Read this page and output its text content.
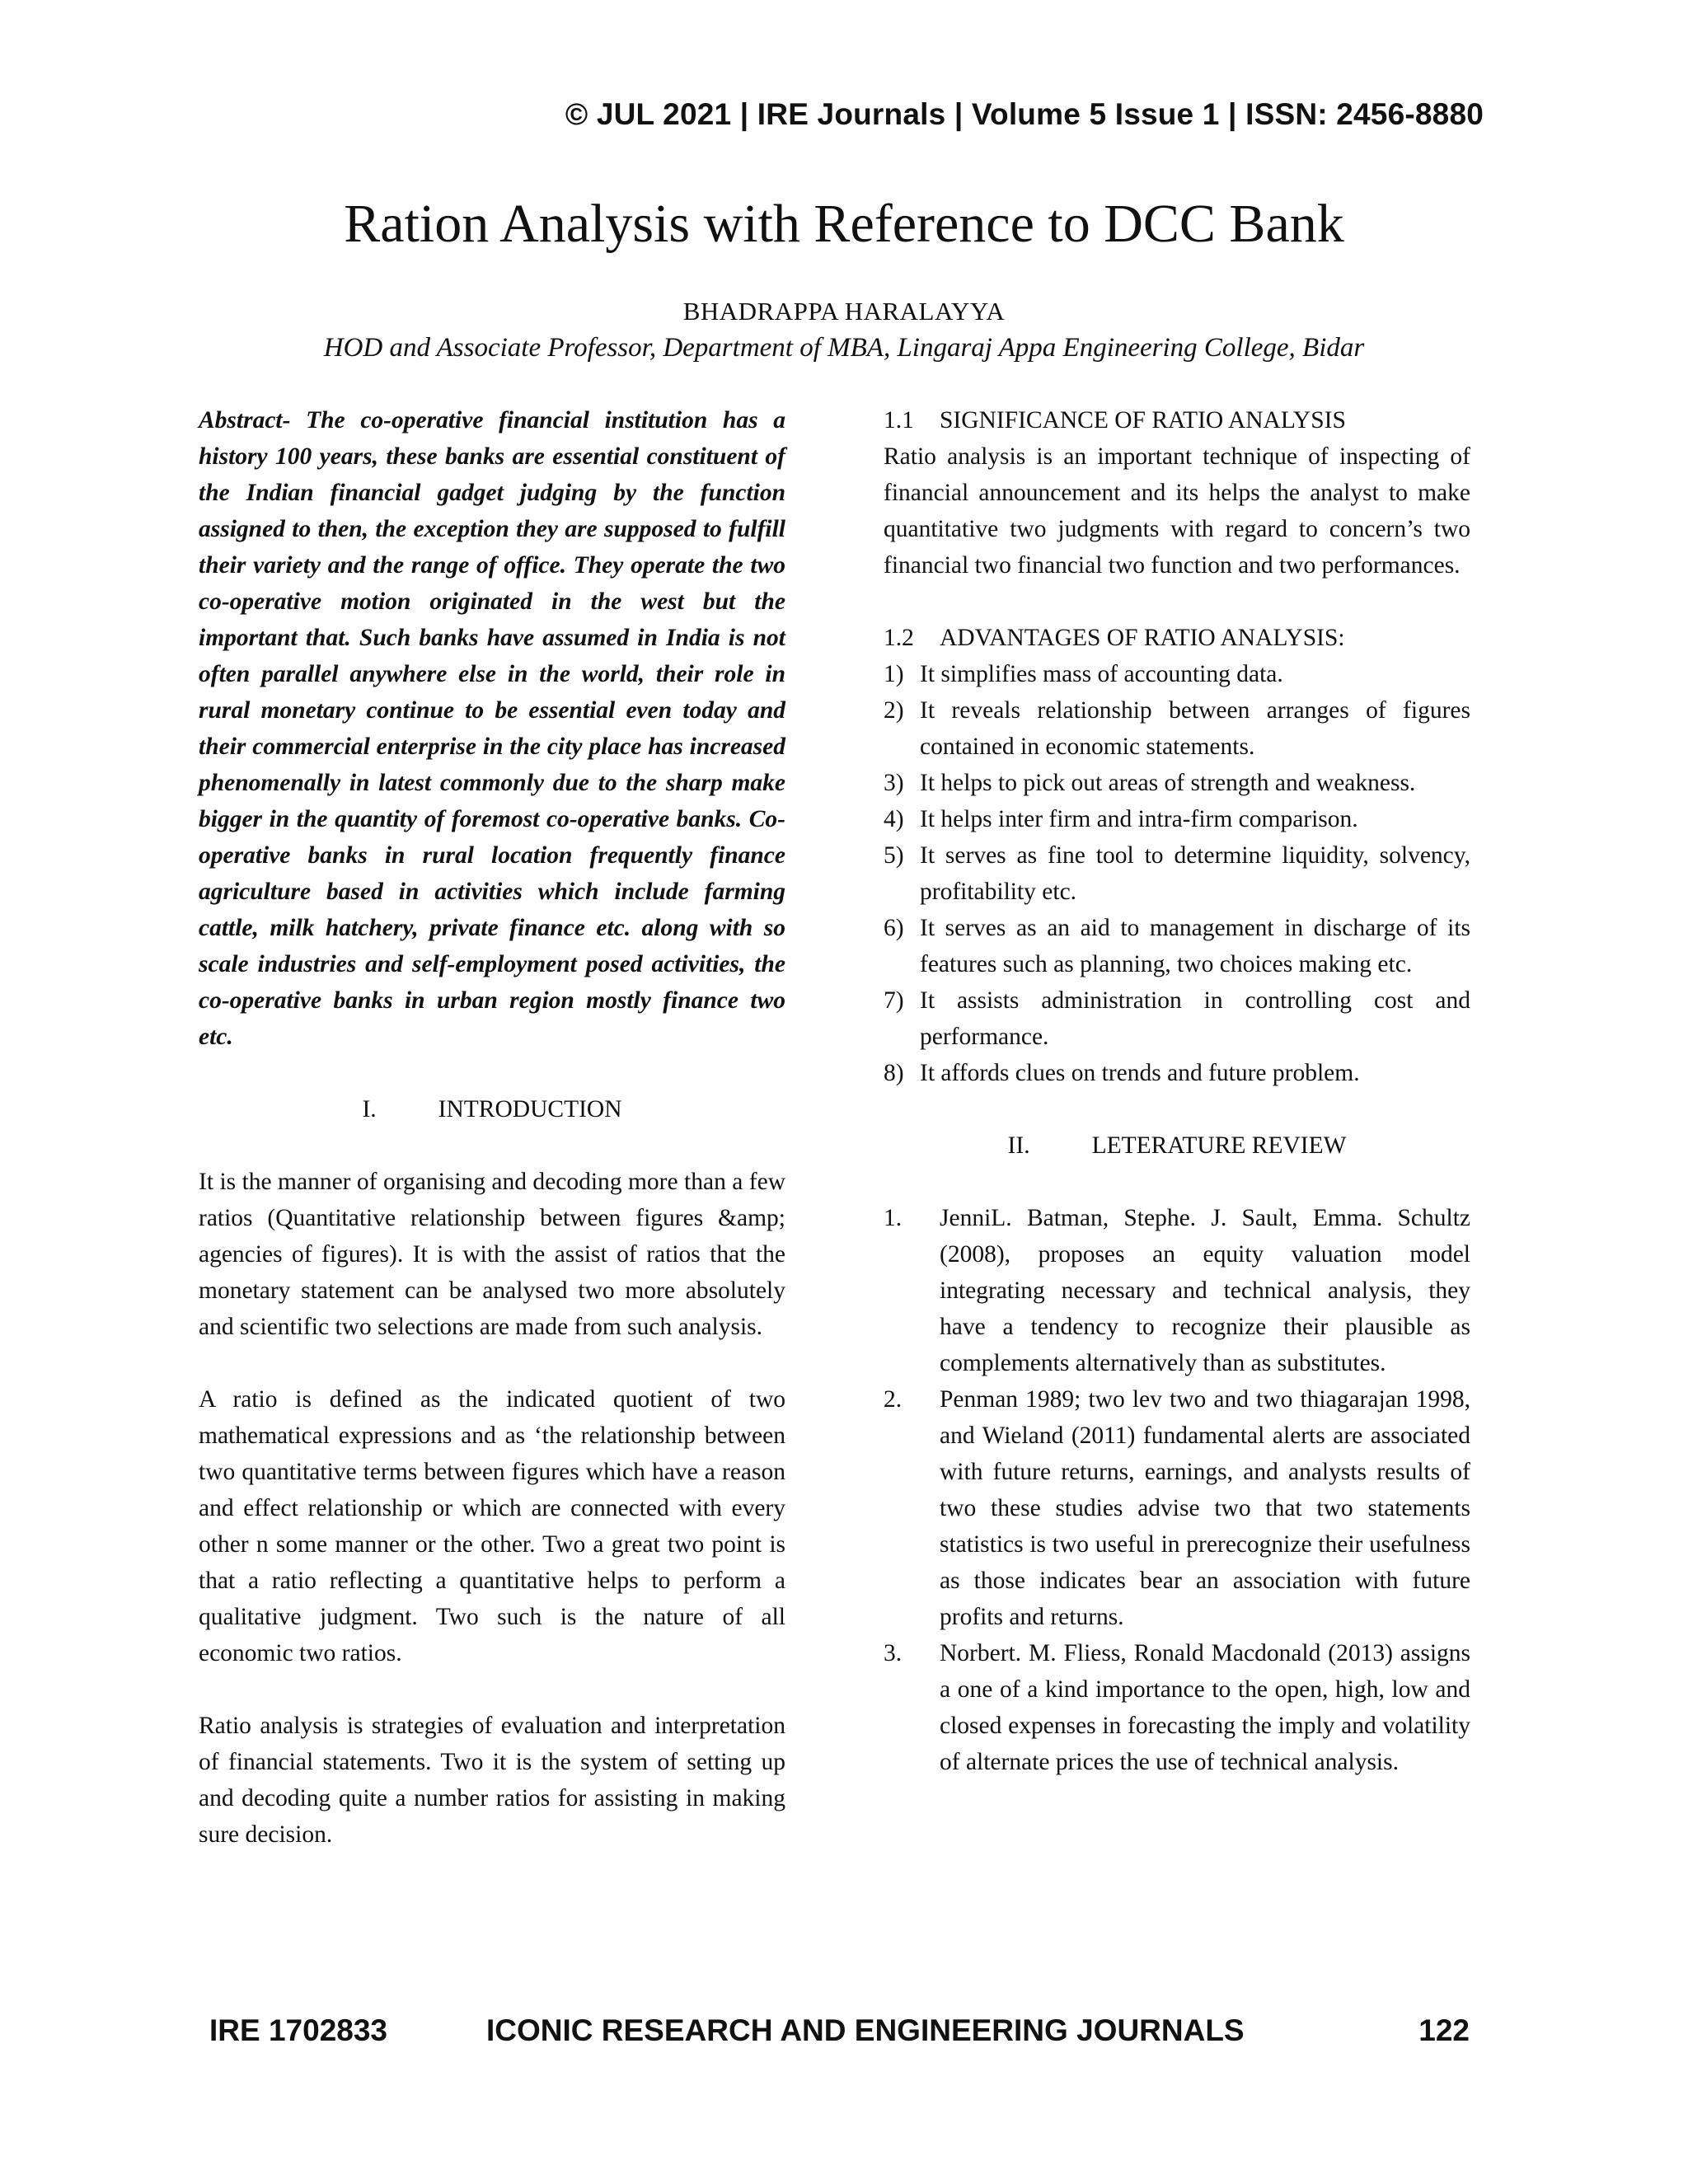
© JUL 2021 | IRE Journals | Volume 5 Issue 1 | ISSN: 2456-8880
Ration Analysis with Reference to DCC Bank
BHADRAPPA HARALAYYA
HOD and Associate Professor, Department of MBA, Lingaraj Appa Engineering College, Bidar

Abstract- The co-operative financial institution has a history 100 years, these banks are essential constituent of the Indian financial gadget judging by the function assigned to then, the exception they are supposed to fulfill their variety and the range of office. They operate the two co-operative motion originated in the west but the important that. Such banks have assumed in India is not often parallel anywhere else in the world, their role in rural monetary continue to be essential even today and their commercial enterprise in the city place has increased phenomenally in latest commonly due to the sharp make bigger in the quantity of foremost co-operative banks. Co-operative banks in rural location frequently finance agriculture based in activities which include farming cattle, milk hatchery, private finance etc. along with so scale industries and self-employment posed activities, the co-operative banks in urban region mostly finance two etc.

I.	INTRODUCTION

It is the manner of organising and decoding more than a few ratios (Quantitative relationship between figures &amp; agencies of figures). It is with the assist of ratios that the monetary statement can be analysed two more absolutely and scientific two selections are made from such analysis.

A ratio is defined as the indicated quotient of two mathematical expressions and as ‘the relationship between two quantitative terms between figures which have a reason and effect relationship or which are connected with every other n some manner or the other. Two a great two point is that a ratio reflecting a quantitative helps to perform a qualitative judgment. Two such is the nature of all economic two ratios.

Ratio analysis is strategies of evaluation and interpretation of financial statements. Two it is the system of setting up and decoding quite a number ratios for assisting in making sure decision.

1.1 SIGNIFICANCE OF RATIO ANALYSIS

Ratio analysis is an important technique of inspecting of financial announcement and its helps the analyst to make quantitative two judgments with regard to concern’s two financial two financial two function and two performances.

1.2 ADVANTAGES OF RATIO ANALYSIS:
1) It simplifies mass of accounting data.
2) It reveals relationship between arranges of figures contained in economic statements.
3) It helps to pick out areas of strength and weakness.
4) It helps inter firm and intra-firm comparison.
5) It serves as fine tool to determine liquidity, solvency, profitability etc.
6) It serves as an aid to management in discharge of its features such as planning, two choices making etc.
7) It assists administration in controlling cost and performance.
8) It affords clues on trends and future problem.
II.	LETERATURE REVIEW
1. JenniL. Batman, Stephe. J. Sault, Emma. Schultz (2008), proposes an equity valuation model integrating necessary and technical analysis, they have a tendency to recognize their plausible as complements alternatively than as substitutes.
2. Penman 1989; two lev two and two thiagarajan 1998, and Wieland (2011) fundamental alerts are associated with future returns, earnings, and analysts results of two these studies advise two that two statements statistics is two useful in prerecognize their usefulness as those indicates bear an association with future profits and returns.
3. Norbert. M. Fliess, Ronald Macdonald (2013) assigns a one of a kind importance to the open, high, low and closed expenses in forecasting the imply and volatility of alternate prices the use of technical analysis.
IRE 1702833	ICONIC RESEARCH AND ENGINEERING JOURNALS	122
